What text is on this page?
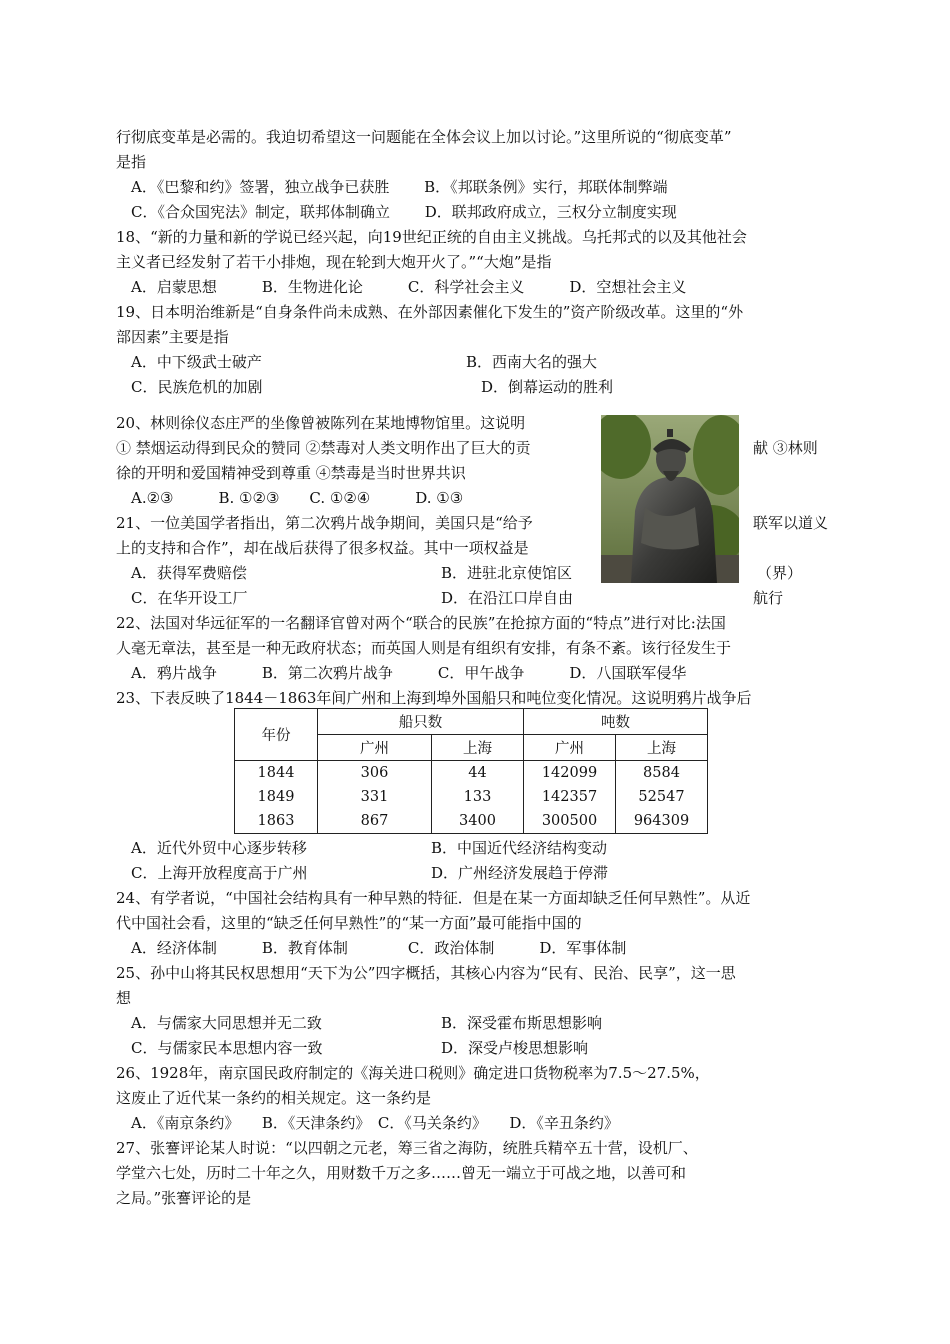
行彻底变革是必需的。我迫切希望这一问题能在全体会议上加以讨论。”这里所说的“彻底变革”
是指
A．《巴黎和约》签署，独立战争已获胜　　 B．《邦联条例》实行，邦联体制弊端
C．《合众国宪法》制定，联邦体制确立　　 D．联邦政府成立，三权分立制度实现
18、“新的力量和新的学说已经兴起，向19世纪正统的自由主义挑战。乌托邦式的以及其他社会
主义者已经发射了若干小排炮，现在轮到大炮开火了。”“大炮”是指
A．启蒙思想　　　B．生物进化论　　　C．科学社会主义　　　D．空想社会主义
19、日本明治维新是“自身条件尚未成熟、在外部因素催化下发生的”资产阶级改革。这里的“外
部因素”主要是指
A．中下级武士破产	B．西南大名的强大
C．民族危机的加剧	D．倒幕运动的胜利
20、林则徐仪态庄严的坐像曾被陈列在某地博物馆里。这说明
① 禁烟运动得到民众的赞同 ②禁毒对人类文明作出了巨大的贡	献 ③林则
徐的开明和爱国精神受到尊重 ④禁毒是当时世界共识
A.②③　　　B. ①②③　　C. ①②④　　　D. ①③
21、一位美国学者指出，第二次鸦片战争期间，美国只是“给予	联军以道义
上的支持和合作”，却在战后获得了很多权益。其中一项权益是
A．获得军费赔偿	B．进驻北京使馆区	（界）
C．在华开设工厂	D．在沿江口岸自由	航行
22、法国对华远征军的一名翻译官曾对两个“联合的民族”在抢掠方面的“特点”进行对比:法国
人毫无章法，甚至是一种无政府状态；而英国人则是有组织有安排，有条不紊。该行径发生于
A．鸦片战争　　　B．第二次鸦片战争　　　C．甲午战争　　　D．八国联军侵华
23、下表反映了1844－1863年间广州和上海到埠外国船只和吨位变化情况。这说明鸦片战争后
年份	船只数		吨数	
	广州	上海	广州	上海
1844	306	44	142099	8584
1849	331	133	142357	52547
1863	867	3400	300500	964309
A．近代外贸中心逐步转移	B．中国近代经济结构变动
C．上海开放程度高于广州	D．广州经济发展趋于停滞
24、有学者说，“中国社会结构具有一种早熟的特征．但是在某一方面却缺乏任何早熟性”。从近
代中国社会看，这里的“缺乏任何早熟性”的“某一方面”最可能指中国的
A．经济体制　　　B．教育体制　　　　C．政治体制　　　D．军事体制
25、孙中山将其民权思想用“天下为公”四字概括，其核心内容为“民有、民治、民享”，这一思
想
A．与儒家大同思想并无二致	B．深受霍布斯思想影响
C．与儒家民本思想内容一致	D．深受卢梭思想影响
26、1928年，南京国民政府制定的《海关进口税则》确定进口货物税率为7.5～27.5%，
这废止了近代某一条约的相关规定。这一条约是
A．《南京条约》　　B．《天津条约》　C．《马关条约》　　D．《辛丑条约》
27、张謇评论某人时说：“以四朝之元老，筹三省之海防，统胜兵精卒五十营，设机厂、
学堂六七处，历时二十年之久，用财数千万之多……曾无一端立于可战之地，以善可和
之局。”张謇评论的是
